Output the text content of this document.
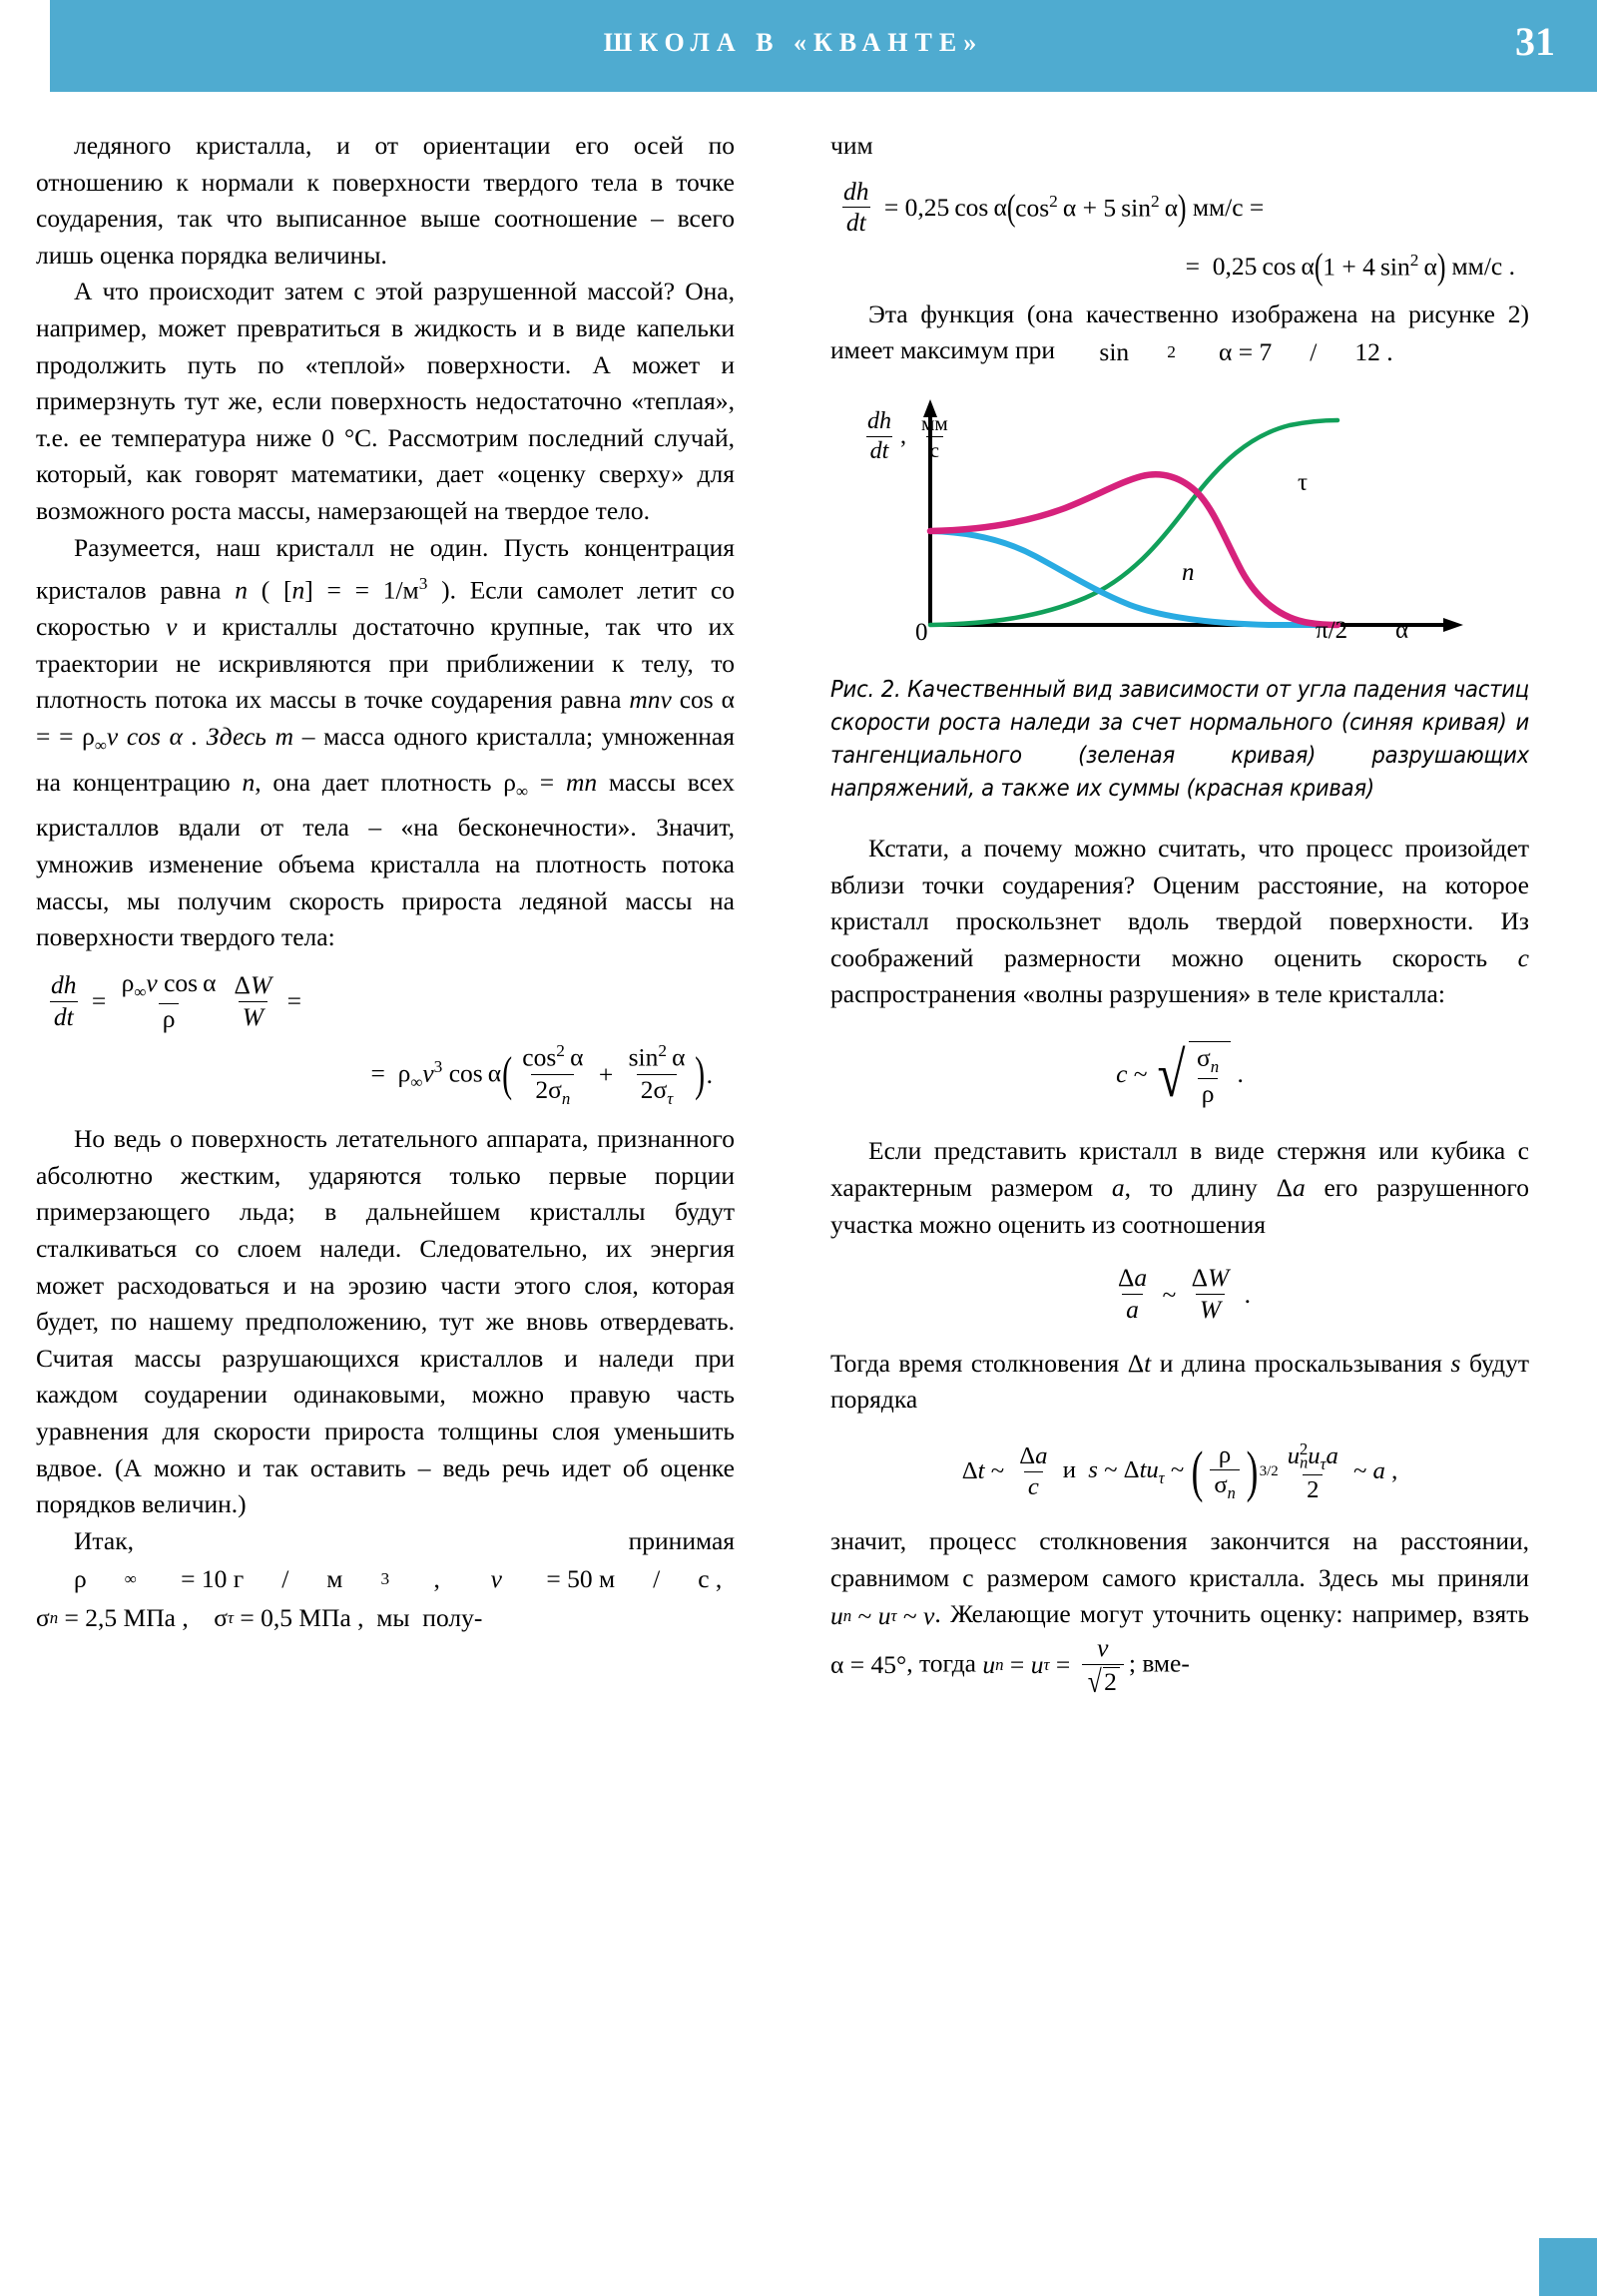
ШКОЛА В «КВАНТЕ»	31

ледяного кристалла, и от ориентации его осей по отношению к нормали к поверхности твердого тела в точке соударения, так что выписанное выше соотношение – всего лишь оценка порядка величины.

А что происходит затем с этой разрушенной массой? Она, например, может превратиться в жидкость и в виде капельки продолжить путь по «теплой» поверхности. А может и примерзнуть тут же, если поверхность недостаточно «теплая», т.е. ее температура ниже 0 °С. Рассмотрим последний случай, который, как говорят математики, дает «оценку сверху» для возможного роста массы, намерзающей на твердое тело.

Разумеется, наш кристалл не один. Пусть концентрация кристалов равна n ( [n] = = $1/м^3$ ). Если самолет летит со скоростью v и кристаллы достаточно крупные, так что их траектории не искривляются при приближении к телу, то плотность потока их массы в точке соударения равна mnv cos α = = $\rho_\infty v$ cos α . Здесь m – масса одного кристалла; умноженная на концентрацию n, она дает плотность $\rho_\infty$ = mn массы всех кристаллов вдали от тела – «на бесконечности». Значит, умножив изменение объема кристалла на плотность потока массы, мы получим скорость прироста ледяной массы на поверхности твердого тела:

$\frac{dh}{dt} = \frac{\rho_\infty v \cos \alpha}{\rho} \frac{\Delta W}{W}$ =
=  $\rho_\infty v^3$ cos α ( $\frac{\cos^2 \alpha}{2\sigma_n} + \frac{\sin^2 \alpha}{2\sigma_\tau}$ ) .

Но ведь о поверхность летательного аппарата, признанного абсолютно жестким, ударяются только первые порции примерзающего льда; в дальнейшем кристаллы будут сталкиваться со слоем наледи. Следовательно, их энергия может расходоваться и на эрозию части этого слоя, которая будет, по нашему предположению, тут же вновь отвердевать. Считая массы разрушающихся кристаллов и наледи при каждом соударении одинаковыми, можно правую часть уравнения для скорости прироста толщины слоя уменьшить вдвое. (А можно и так оставить – ведь речь идет об оценке порядков величин.)

Итак, принимая ρ	∞ = 10 г	/ м	3 ,	v = 50 м	/ с ,

σ n = 2,5 МПа ,    σ τ = 0,5 МПа ,  мы  полу-

чим

$\frac{dh}{dt} = 0,25$ cos α ( $\cos^2 \alpha + 5$ $\sin^2 \alpha$ ) мм/с =
=  0,25 cos α ( 1 + 4 $\sin^2 \alpha$ ) мм/с .

Эта функция (она качественно изображена на рисунке 2) имеет максимум при sin	2  α = 7	/ 12 .

$\frac{dh}{dt}$ , $\frac{мм}{с}$
0	π/2 α
τ
n

Рис. 2. Качественный вид зависимости от угла падения частиц скорости роста наледи за счет нормального (синяя кривая) и тангенциального (зеленая кривая) разрушающих напряжений, а также их суммы (красная кривая)

Кстати, а почему можно считать, что процесс произойдет вблизи точки соударения? Оценим расстояние, на которое кристалл проскользнет вдоль твердой поверхности. Из соображений размерности можно оценить скорость c распространения «волны разрушения» в теле кристалла:

c ~ √ $\frac{\sigma_n}{\rho}$ .

Если представить кристалл в виде стержня или кубика с характерным размером a, то длину Δa его разрушенного участка можно оценить из соотношения

$\frac{\Delta a}{a}$ ~ $\frac{\Delta W}{W}$ .

Тогда время столкновения Δt и длина проскальзывания s будут порядка

Δt ~ $\frac{\Delta a}{c}$ и  s ~ Δtu$_\tau$ ~ ( $\frac{\rho}{\sigma_n}$ ) $3/2 \frac{u_n^2u_\tau a}{2}$ ~ a ,

значит, процесс столкновения закончится на расстоянии, сравнимом с размером самого кристалла. Здесь мы приняли
u n ~ u τ ~ v . Желающие могут уточнить оценку: например, взять α = 45°, тогда u n = u $\tau = \frac{v}{√ 2}$ ; вме-
